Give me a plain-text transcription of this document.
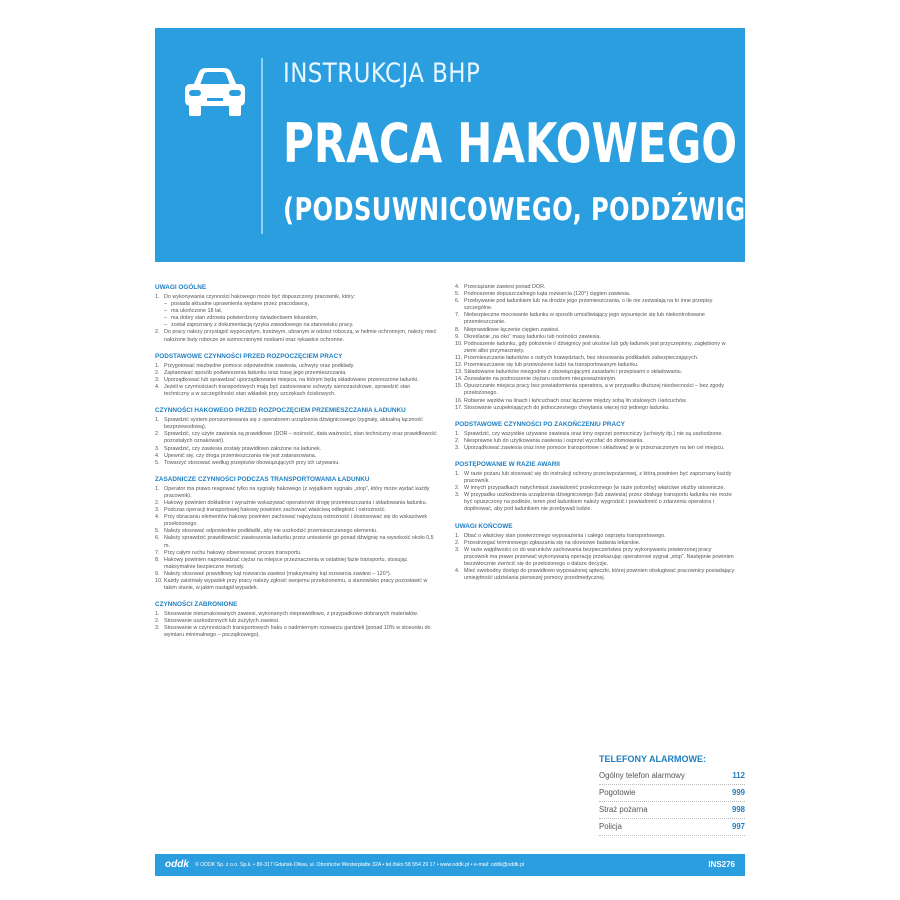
INSTRUKCJA BHP
PRACA HAKOWEGO
(PODSUWNICOWEGO, PODDŹWIGOWEGO)
UWAGI OGÓLNE
1. Do wykonywania czynności hakowego może być dopuszczony pracownik, który:
– posiada aktualne uprawnienia wydane przez pracodawcę,
– ma ukończone 18 lat,
– ma dobry stan zdrowia potwierdzony świadectwem lekarskim,
– został zapoznany z dokumentacją ryzyka zawodowego na stanowisku pracy.
2. Do pracy należy przystąpić wypoczętym, trzeźwym, ubranym w odzież roboczą, w hełmie ochronnym, należy mieć nałożone buty robocze ze wzmocnionymi noskami oraz rękawice ochronne.
PODSTAWOWE CZYNNOŚCI PRZED ROZPOCZĘCIEM PRACY
1. Przygotować niezbędne pomoce odpowiednie zawiesia, uchwyty oraz podkłady.
2. Zaplanować sposób podwieszenia ładunku oraz trasę jego przemieszczania.
3. Uporządkować lub sprawdzać uporządkowanie miejsca, na którym będą składowane przenoszone ładunki.
4. Jeżeli w czynnościach transportowych mają być zastosowane uchwyty samozaciskowe, sprawdzić stan techniczny a w szczególności stan wkładek przy szczękach ściskowych.
CZYNNOŚCI HAKOWEGO PRZED ROZPOCZĘCIEM PRZEMIESZCZANIA ŁADUNKU
1. Sprawdzić system porozumiewania się z operatorem urządzenia dźwignicowego (sygnały, aktualną łączność bezprzewodową).
2. Sprawdzić, czy użyte zawiesia są prawidłowe (DOR – nośność, data ważności, stan techniczny oraz prawidłowość pozostałych oznakowań).
3. Sprawdzić, czy zawiesia zostały prawidłowo założone na ładunek.
4. Upewnić się, czy droga przemieszczania nie jest zatarasowana.
5. Towarzyć stosować według przepisów obowiązujących przy ich używaniu.
ZASADNICZE CZYNNOŚCI PODCZAS TRANSPORTOWANIA ŁADUNKU
1. Operator ma prawo reagować tylko na sygnały hakowego (z wyjątkiem sygnału „stop”, który może wydać każdy pracownik).
2. Hakowy powinien dokładnie i wyraźnie wskazywać operatorowi drogę przemieszczania i składowania ładunku.
3. Podczas operacji transportowej hakowy powinien zachować właściwą odległość i ostrożność.
4. Przy obracaniu elementów hakowy powinien zachować najwyższą ostrożność i dostosować się do wskazówek przełożonego.
5. Należy stosować odpowiednie podkładki, aby nie uszkodzić przemieszczanego elementu.
6. Należy sprawdzić prawidłowość zawieszenia ładunku przez uniesienie go ponad dźwignię na wysokość około 0,5 m.
7. Przy całym ruchu hakowy obserwować proces transportu.
8. Hakowy powinien naprowadzać ciężar na miejsce przeznaczenia w ostatniej fazie transportu, stosując maksymalnie bezpieczne metody.
9. Należy stosować prawidłowy kąt rozwarcia zawiesi (maksymalny kąt rozwarcia zawiesi – 120°).
10. Każdy zaistniały wypadek przy pracy należy zgłosić swojemu przełożonemu, a stanowisko pracy pozostawić w takim stanie, w jakim nastąpił wypadek.
CZYNNOŚCI ZABRONIONE
1. Stosowanie nieoznakowanych zawiesi, wykonanych nieprawidłowo, z przypadkowo dobranych materiałów.
2. Stosowanie uszkodzonych lub zużytych zawiesi.
3. Stosowanie w czynnościach transportowych haku o nadmiernym rozwarciu gardzieli (ponad 10% w stosunku do wymiaru minimalnego – początkowego).
4. Przeciążanie zawiesi ponad DOR.
5. Podnoszenie dopuszczalnego kąta rozwarcia (120°) cięgien zawiesia.
6. Przebywanie pod ładunkiem lub na drodze jego przemieszczania, o ile nie zezwalają na to inne przepisy szczególne.
7. Niebezpieczne mocowanie ładunku w sposób umożliwiający jego wysunięcie się lub niekontrolowane przemieszczanie.
8. Nieprawidłowe łączenie cięgien zawiesi.
9. Określanie „na oko” masy ładunku lub nośności zawiesia.
10. Podnoszenie ładunku, gdy położenie i/ dźwignicy jest ukośne lub gdy ładunek jest przyczepiony, zagłębiony w ziemi albo przymarznięty.
11. Przemieszczanie ładunków o ostrych krawędziach, bez stosowania podkładek zabezpieczających.
12. Przemieszczanie się lub przewożenie ludzi na transportowanym ładunku.
13. Składowanie ładunków niezgodnie z obowiązującymi zasadami i przepisami o składowaniu.
14. Zezwalanie na podnoszenie ciężaru osobom nieupoważnionym.
15. Opuszczanie miejsca pracy bez powiadomienia operatora, a w przypadku dłuższej nieobecności – bez zgody przełożonego.
16. Robienie węzłów na linach i łańcuchach oraz łączenie między sobą lin stalowych i łańcuchów.
17. Stosowanie uzupełniających do jednoczesnego chwytania więcej niż jednego ładunku.
PODSTAWOWE CZYNNOŚCI PO ZAKOŃCZENIU PRACY
1. Sprawdzić, czy wszystkie używane zawiesia oraz inny osprzęt pomocniczy (uchwyty itp.) nie są uszkodzone.
2. Niesprawne lub do użytkowania zawiesia i osprzęt wycofać do złomowania.
3. Uporządkować zawiesia oraz inne pomoce transportowe i składować je w przeznaczonym na ten cel miejscu.
POSTĘPOWANIE W RAZIE AWARII
1. W razie pożaru lub stosować się do instrukcji ochrony przeciwpożarowej, z którą powinien być zapoznany każdy pracownik.
2. W innych przypadkach natychmiast zawiadomić przełożonego (w razie potrzeby) właściwe służby ratownicze.
3. W przypadku uszkodzenia urządzenia dźwignicowego (lub zawiesia) przez obsługę transportu ładunku nie może być opuszczony na podłoże, teren pod ładunkiem należy wygrodzić i powiadomić o zdarzeniu operatora i dopilnować, aby pod ładunkiem nie przebywali ludzie.
UWAGI KOŃCOWE
1. Dbać o właściwy stan powierzonego wyposażenia i całego osprzętu transportowego.
2. Przestrzegać terminowego zgłaszania się na okresowe badania lekarskie.
3. W razie wątpliwości co do warunków zachowania bezpieczeństwa przy wykonywaniu powierzonej pracy pracownik ma prawo przerwać wykonywaną operację przekazując operatorowi sygnał „stop”. Następnie powinien bezzwłocznie zwrócić się do przełożonego o dalsze decyzje.
4. Mieć swobodny dostęp do prawidłowo wyposażonej apteczki, której powinien obsługiwać pracownicy posiadający umiejętność udzielania pierwszej pomocy przedmedycznej.
TELEFONY ALARMOWE:
Ogólny telefon alarmowy	112
Pogotowie	999
Straż pożarna	998
Policja	997
oddk © ODDK Sp. z o.o. Sp.k. • 80-317 Gdańsk-Oliwa, ul. Obrońców Westerplatte 32A • tel./faks 58 554 29 17 • www.oddk.pl • e-mail: oddk@oddk.pl	INS276
